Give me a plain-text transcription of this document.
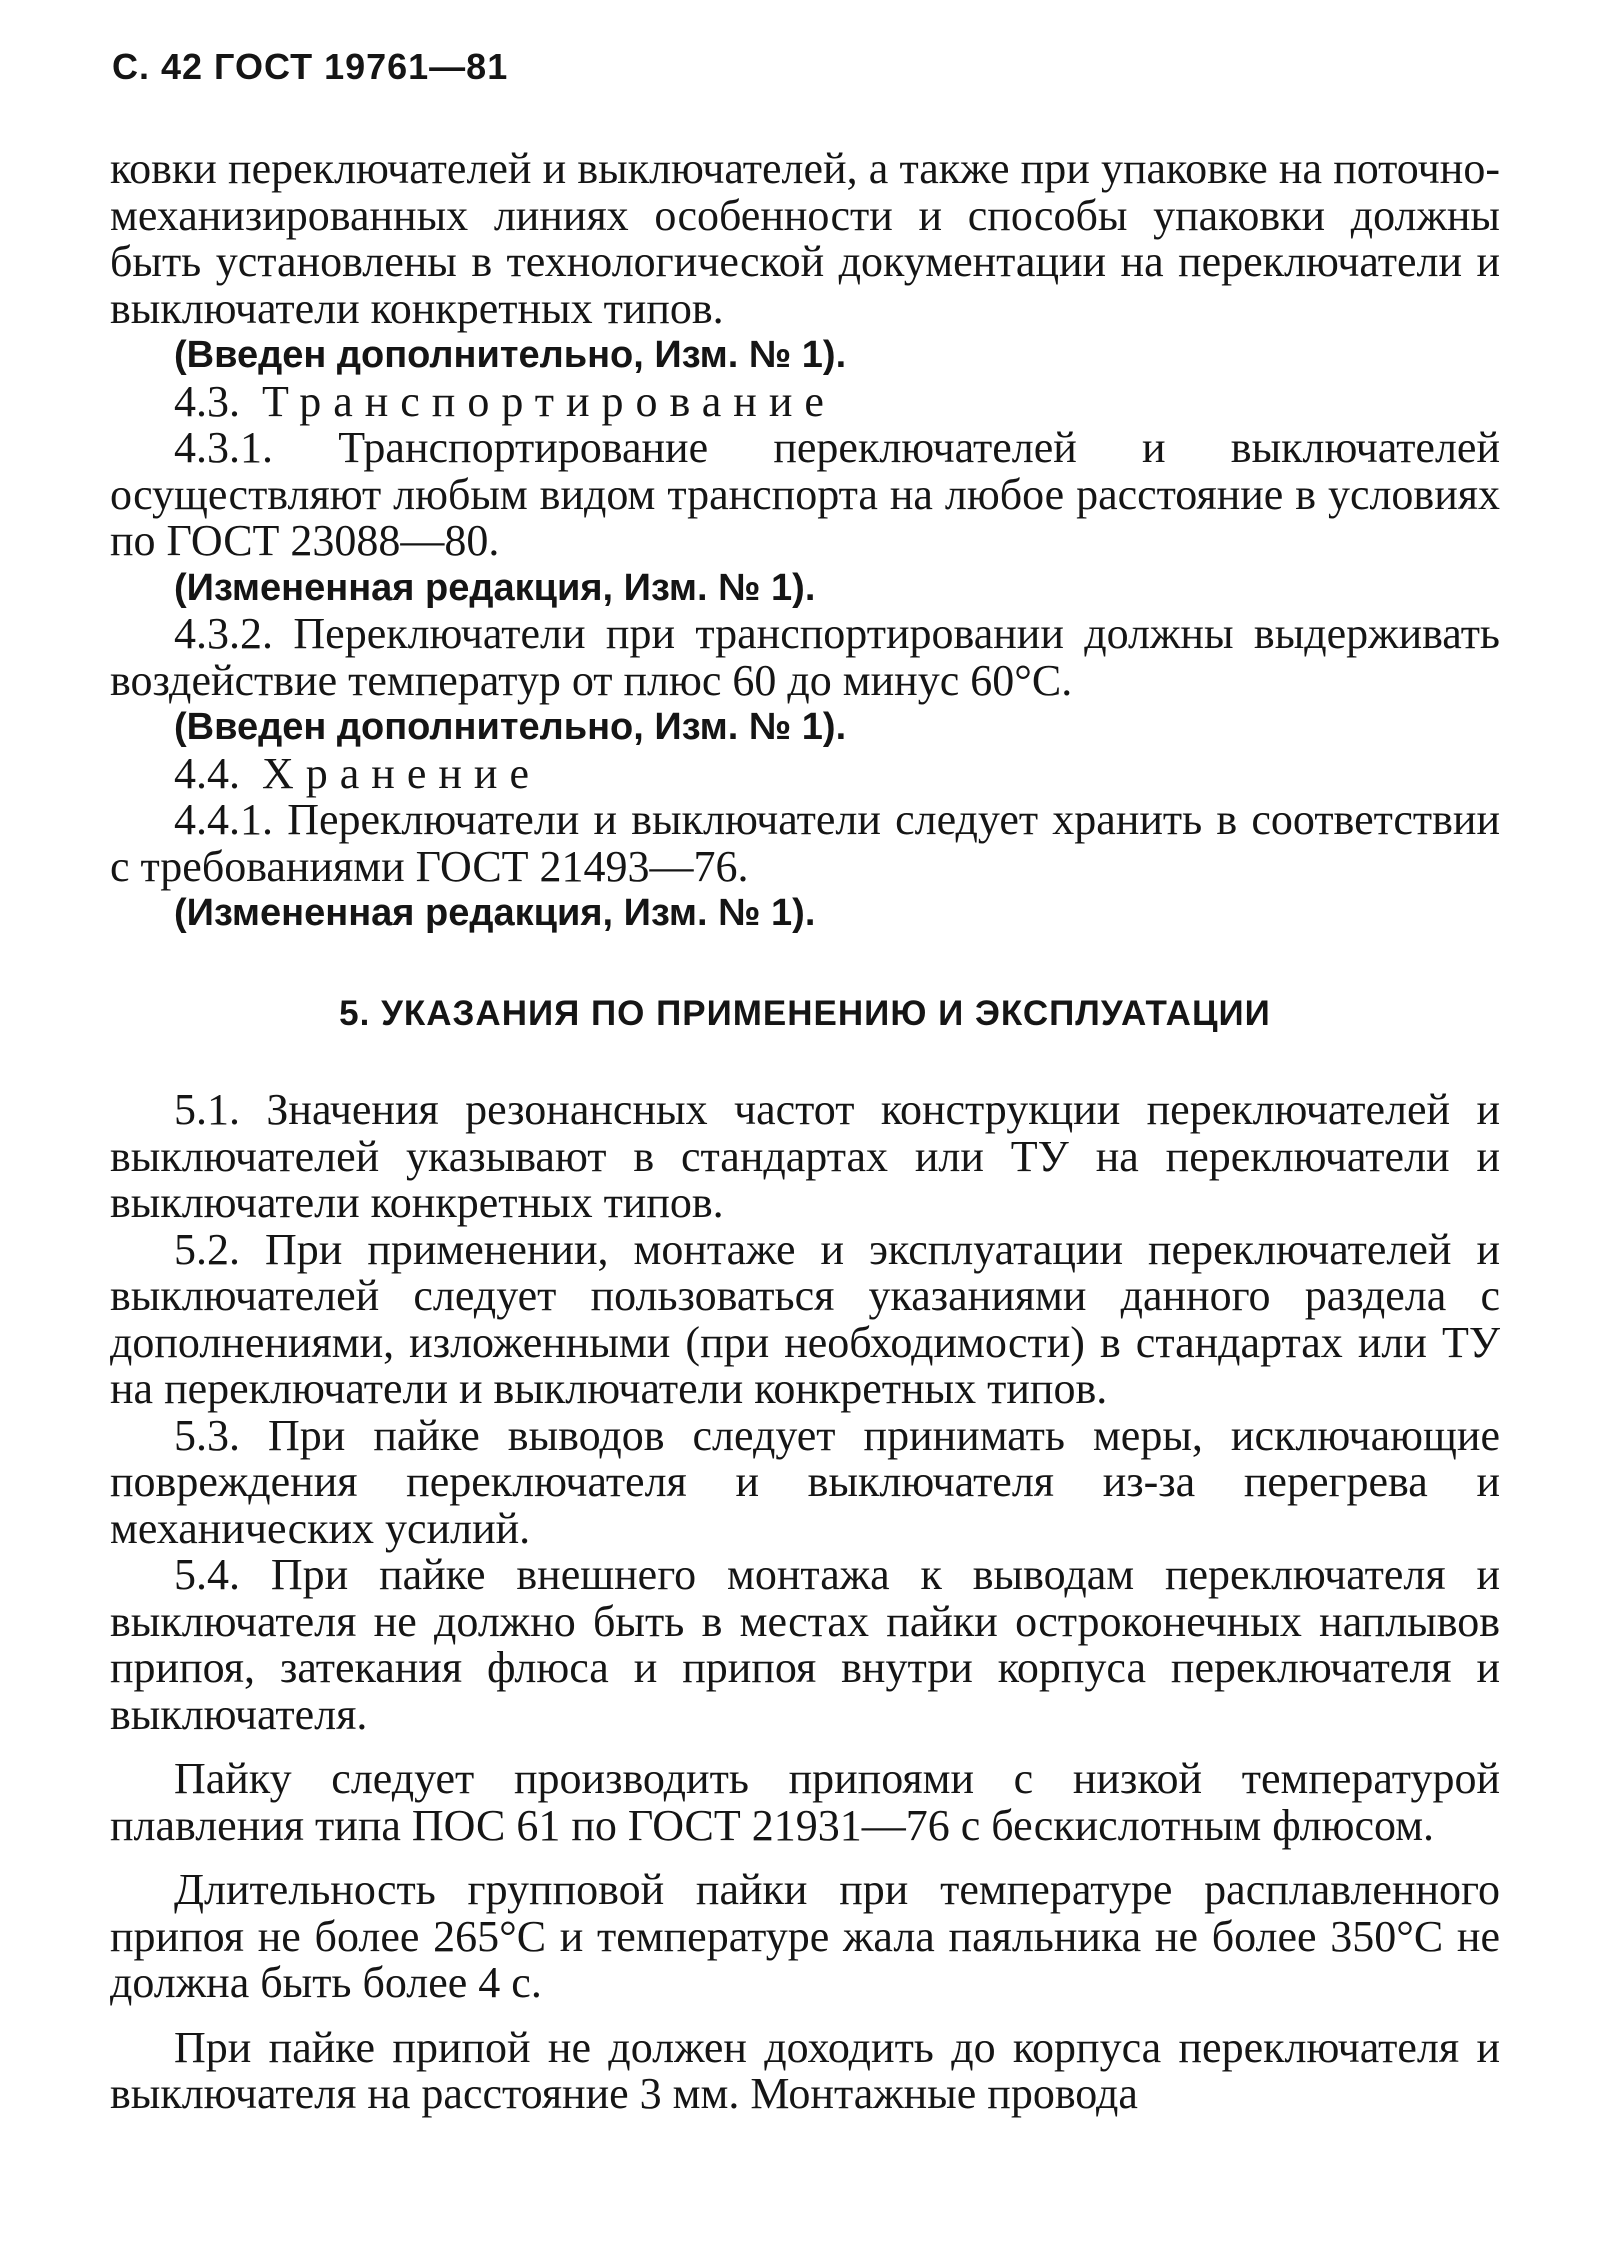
С. 42 ГОСТ 19761—81

ковки переключателей и выключателей, а также при упаковке на поточно-механизированных линиях особенности и способы упаковки должны быть установлены в технологической документации на переключатели и выключатели конкретных типов.

(Введен дополнительно, Изм. № 1).

4.3. Транспортирование

4.3.1. Транспортирование переключателей и выключателей осуществляют любым видом транспорта на любое расстояние в условиях по ГОСТ 23088—80.

(Измененная редакция, Изм. № 1).

4.3.2. Переключатели при транспортировании должны выдерживать воздействие температур от плюс 60 до минус 60°С.

(Введен дополнительно, Изм. № 1).

4.4. Хранение

4.4.1. Переключатели и выключатели следует хранить в соответствии с требованиями ГОСТ 21493—76.

(Измененная редакция, Изм. № 1).

5. УКАЗАНИЯ ПО ПРИМЕНЕНИЮ И ЭКСПЛУАТАЦИИ

5.1. Значения резонансных частот конструкции переключателей и выключателей указывают в стандартах или ТУ на переключатели и выключатели конкретных типов.

5.2. При применении, монтаже и эксплуатации переключателей и выключателей следует пользоваться указаниями данного раздела с дополнениями, изложенными (при необходимости) в стандартах или ТУ на переключатели и выключатели конкретных типов.

5.3. При пайке выводов следует принимать меры, исключающие повреждения переключателя и выключателя из-за перегрева и механических усилий.

5.4. При пайке внешнего монтажа к выводам переключателя и выключателя не должно быть в местах пайки остроконечных наплывов припоя, затекания флюса и припоя внутри корпуса переключателя и выключателя.

Пайку следует производить припоями с низкой температурой плавления типа ПОС 61 по ГОСТ 21931—76 с бескислотным флюсом.

Длительность групповой пайки при температуре расплавленного припоя не более 265°С и температуре жала паяльника не более 350°С не должна быть более 4 с.

При пайке припой не должен доходить до корпуса переключателя и выключателя на расстояние 3 мм. Монтажные провода
